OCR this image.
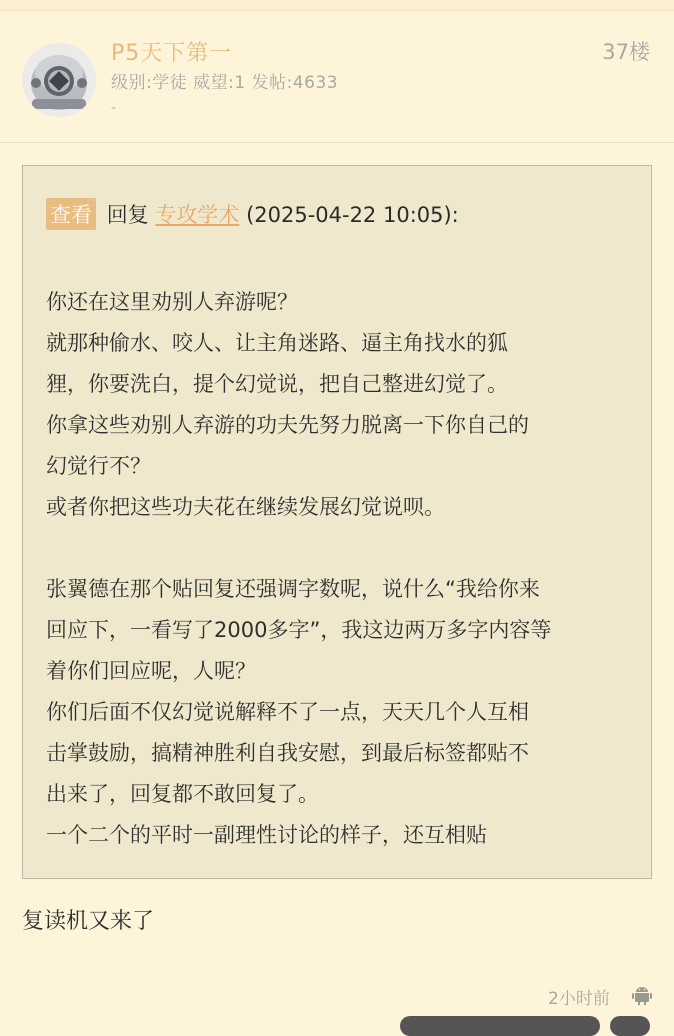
P5天下第一
级别:学徒 威望:1 发帖:4633
-
37楼
查看 回复 专攻学术 (2025-04-22 10:05):

你还在这里劝别人弃游呢？

就那种偷水、咬人、让主角迷路、逼主角找水的狐

狸，你要洗白，提个幻觉说，把自己整进幻觉了。

你拿这些劝别人弃游的功夫先努力脱离一下你自己的

幻觉行不？

或者你把这些功夫花在继续发展幻觉说呗。

张翼德在那个贴回复还强调字数呢，说什么“我给你来

回应下，一看写了2000多字”，我这边两万多字内容等

着你们回应呢，人呢？

你们后面不仅幻觉说解释不了一点，天天几个人互相

击掌鼓励，搞精神胜利自我安慰，到最后标签都贴不

出来了，回复都不敢回复了。

一个二个的平时一副理性讨论的样子，还互相贴

复读机又来了
2小时前
